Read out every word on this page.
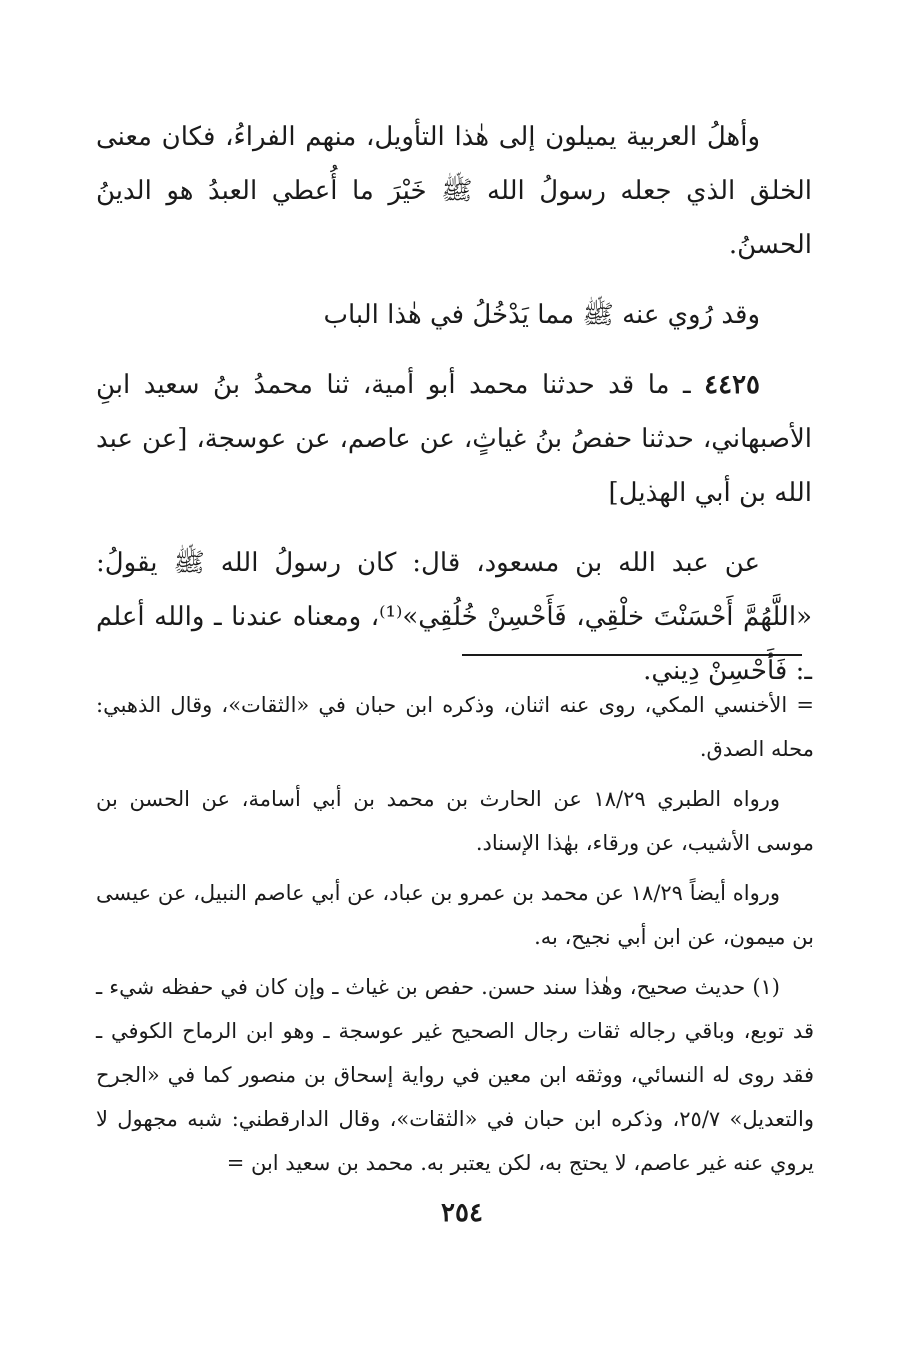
وأهلُ العربية يميلون إلى هٰذا التأويل، منهم الفراءُ، فكان معنى الخلق الذي جعله رسولُ الله ﷺ خَيْرَ ما أُعطي العبدُ هو الدينُ الحسنُ.

وقد رُوي عنه ﷺ مما يَدْخُلُ في هٰذا الباب

٤٤٢٥ ـ ما قد حدثنا محمد أبو أمية، ثنا محمدُ بنُ سعيد ابنِ الأصبهاني، حدثنا حفصُ بنُ غياثٍ، عن عاصم، عن عوسجة، [عن عبد الله بن أبي الهذيل]

عن عبد الله بن مسعود، قال: كان رسولُ الله ﷺ يقولُ: «اللَّهُمَّ أَحْسَنْتَ خلْقِي، فَأَحْسِنْ خُلُقِي»⁽¹⁾، ومعناه عندنا ـ والله أعلم ـ: فَأَحْسِنْ دِيني.

= الأخنسي المكي، روى عنه اثنان، وذكره ابن حبان في «الثقات»، وقال الذهبي: محله الصدق.

ورواه الطبري ١٨/٢٩ عن الحارث بن محمد بن أبي أسامة، عن الحسن بن موسى الأشيب، عن ورقاء، بهٰذا الإسناد.

ورواه أيضاً ١٨/٢٩ عن محمد بن عمرو بن عباد، عن أبي عاصم النبيل، عن عيسى بن ميمون، عن ابن أبي نجيح، به.

(١) حديث صحيح، وهٰذا سند حسن. حفص بن غياث ـ وإن كان في حفظه شيء ـ قد توبع، وباقي رجاله ثقات رجال الصحيح غير عوسجة ـ وهو ابن الرماح الكوفي ـ فقد روى له النسائي، ووثقه ابن معين في رواية إسحاق بن منصور كما في «الجرح والتعديل» ٢٥/٧، وذكره ابن حبان في «الثقات»، وقال الدارقطني: شبه مجهول لا يروي عنه غير عاصم، لا يحتج به، لكن يعتبر به. محمد بن سعيد ابن =

٢٥٤
